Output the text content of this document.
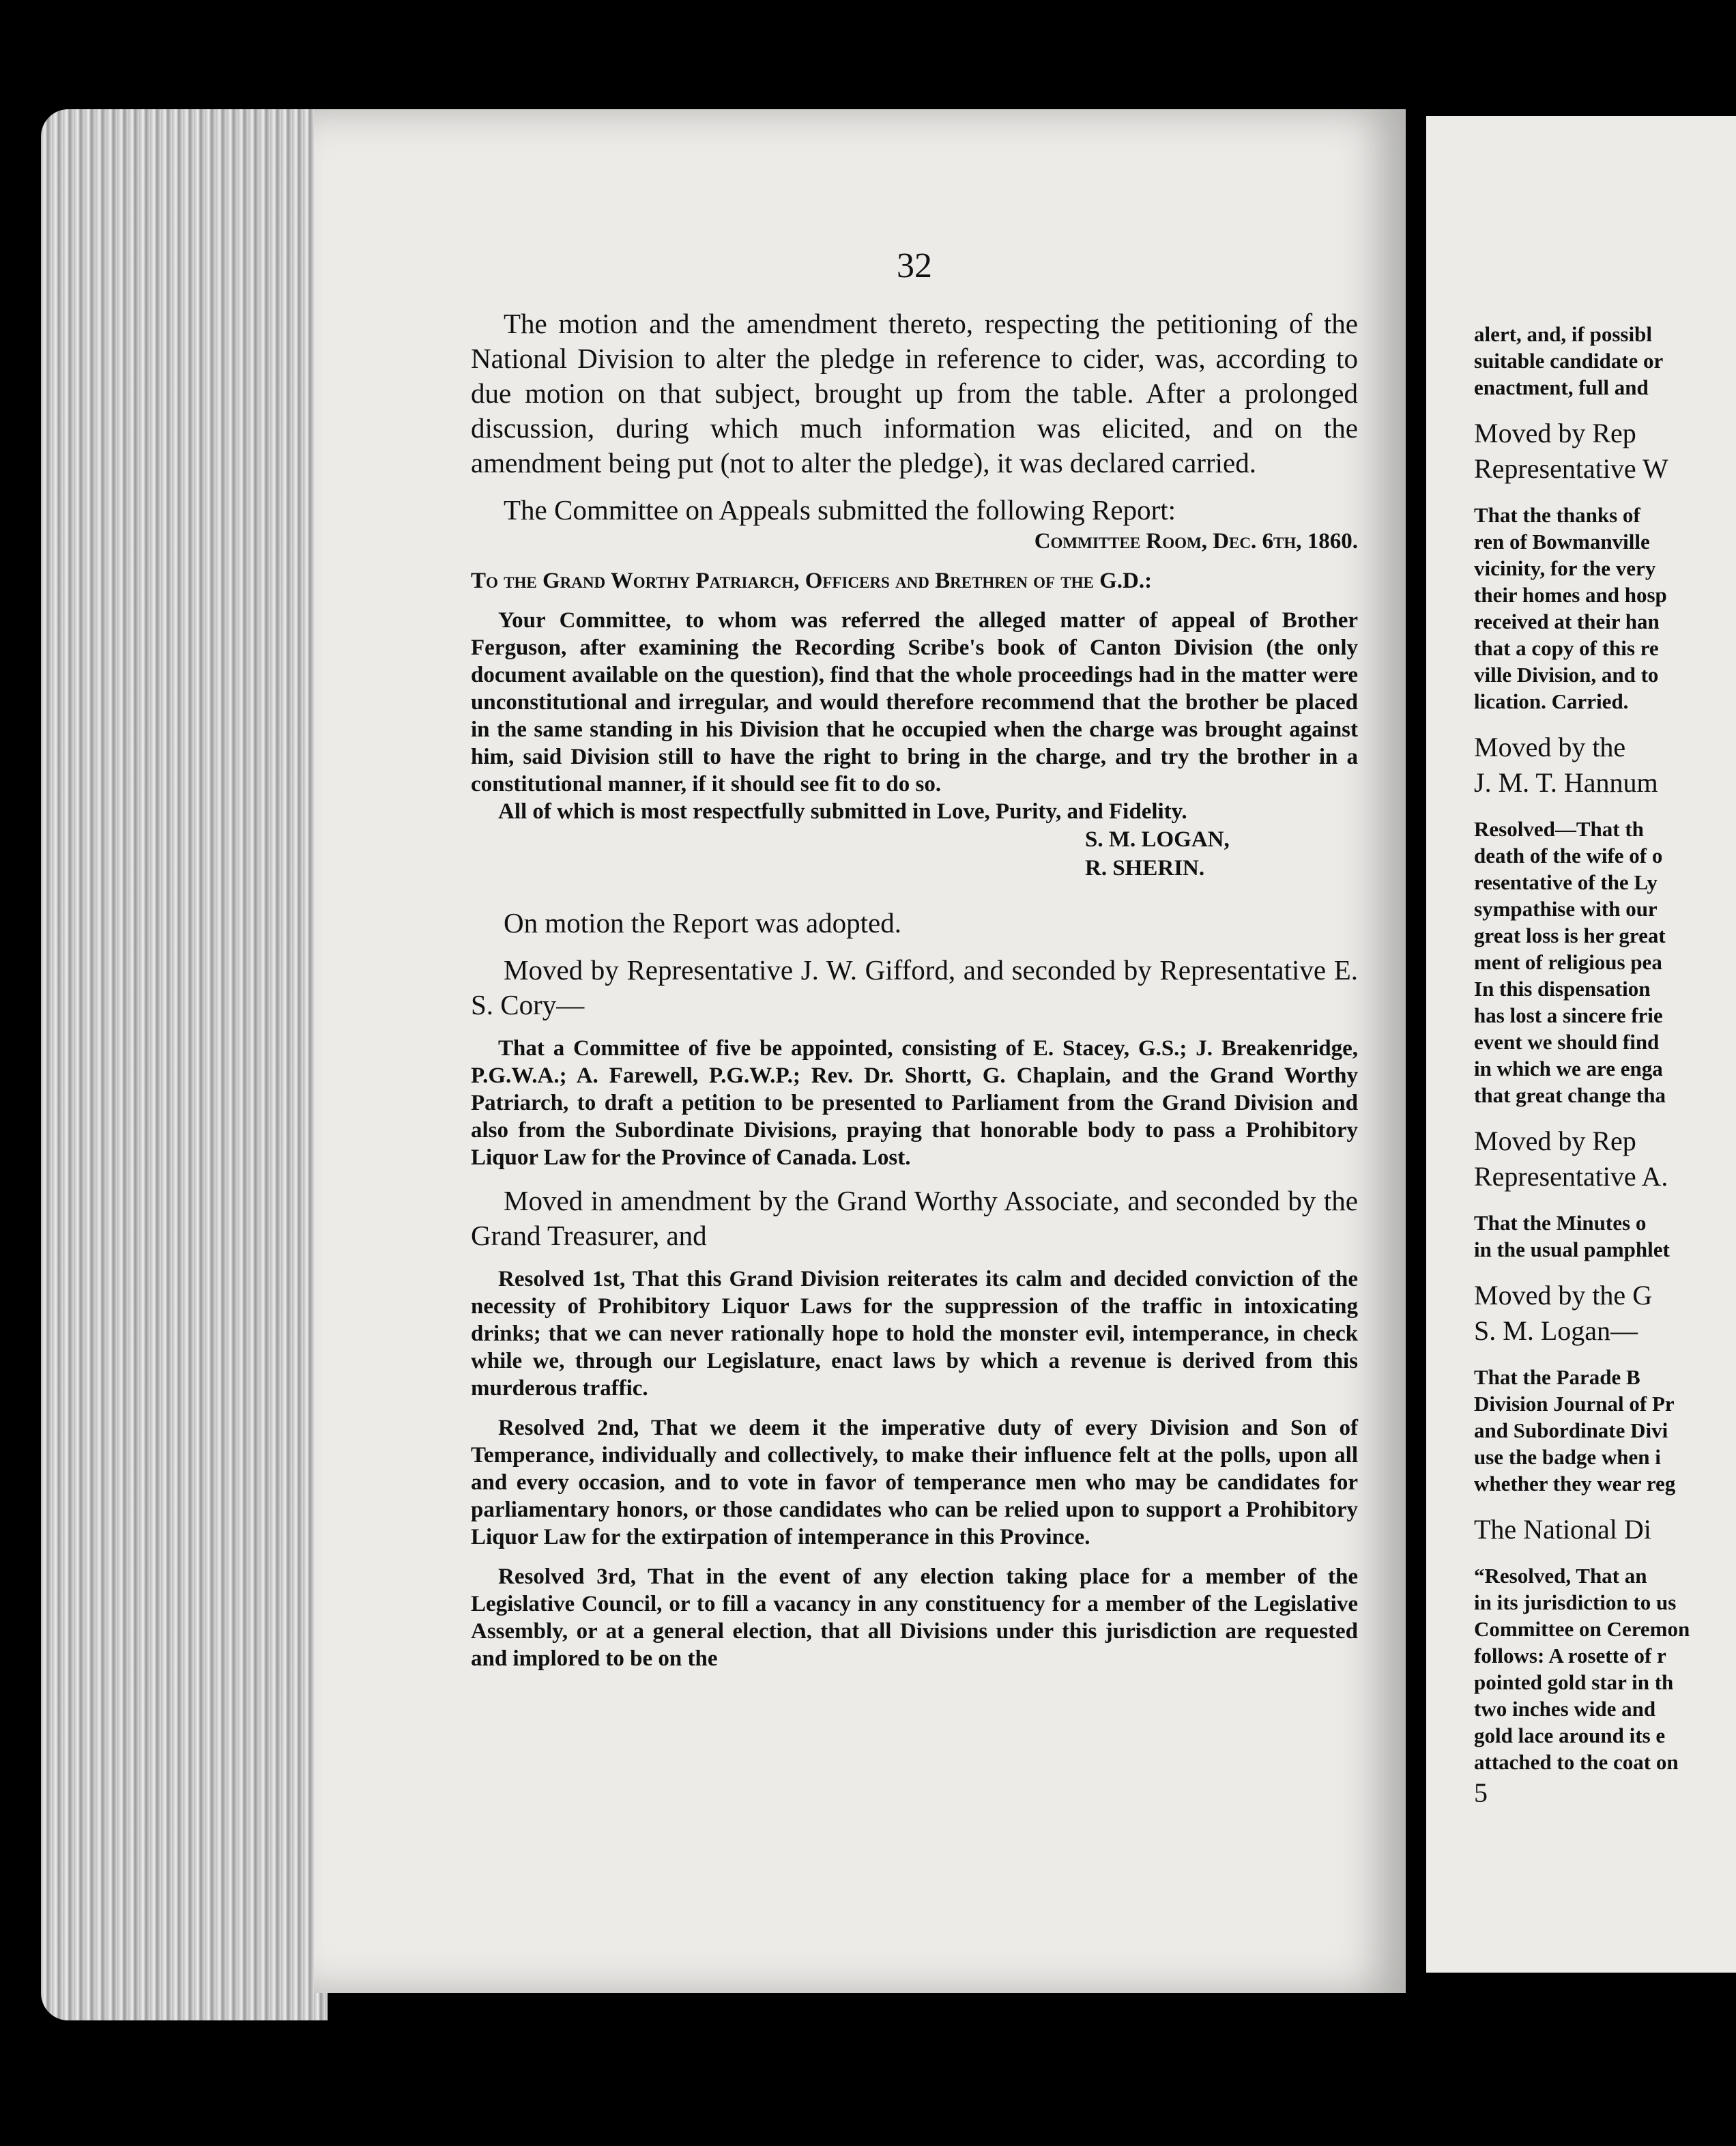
32

The motion and the amendment thereto, respecting the petitioning of the National Division to alter the pledge in reference to cider, was, according to due motion on that subject, brought up from the table. After a prolonged discussion, during which much information was elicited, and on the amendment being put (not to alter the pledge), it was declared carried.

The Committee on Appeals submitted the following Report:

Committee Room, Dec. 6th, 1860.

To the Grand Worthy Patriarch, Officers and Brethren of the G.D.:

Your Committee, to whom was referred the alleged matter of appeal of Brother Ferguson, after examining the Recording Scribe's book of Canton Division (the only document available on the question), find that the whole proceedings had in the matter were unconstitutional and irregular, and would therefore recommend that the brother be placed in the same standing in his Division that he occupied when the charge was brought against him, said Division still to have the right to bring in the charge, and try the brother in a constitutional manner, if it should see fit to do so.

All of which is most respectfully submitted in Love, Purity, and Fidelity.

S. M. LOGAN,
R. SHERIN.

On motion the Report was adopted.

Moved by Representative J. W. Gifford, and seconded by Representative E. S. Cory—

That a Committee of five be appointed, consisting of E. Stacey, G.S.; J. Breakenridge, P.G.W.A.; A. Farewell, P.G.W.P.; Rev. Dr. Shortt, G. Chaplain, and the Grand Worthy Patriarch, to draft a petition to be presented to Parliament from the Grand Division and also from the Subordinate Divisions, praying that honorable body to pass a Prohibitory Liquor Law for the Province of Canada. Lost.

Moved in amendment by the Grand Worthy Associate, and seconded by the Grand Treasurer, and

Resolved 1st, That this Grand Division reiterates its calm and decided conviction of the necessity of Prohibitory Liquor Laws for the suppression of the traffic in intoxicating drinks; that we can never rationally hope to hold the monster evil, intemperance, in check while we, through our Legislature, enact laws by which a revenue is derived from this murderous traffic.

Resolved 2nd, That we deem it the imperative duty of every Division and Son of Temperance, individually and collectively, to make their influence felt at the polls, upon all and every occasion, and to vote in favor of temperance men who may be candidates for parliamentary honors, or those candidates who can be relied upon to support a Prohibitory Liquor Law for the extirpation of intemperance in this Province.

Resolved 3rd, That in the event of any election taking place for a member of the Legislative Council, or to fill a vacancy in any constituency for a member of the Legislative Assembly, or at a general election, that all Divisions under this jurisdiction are requested and implored to be on the

alert, and, if possibl
suitable candidate or
enactment, full and
Moved by Rep
Representative W
That the thanks of
ren of Bowmanville
vicinity, for the very
their homes and hosp
received at their han
that a copy of this re
ville Division, and to
lication. Carried.
Moved by the
J. M. T. Hannum
Resolved—That th
death of the wife of o
resentative of the Ly
sympathise with our
great loss is her great
ment of religious pea
In this dispensation
has lost a sincere frie
event we should find
in which we are enga
that great change tha
Moved by Rep
Representative A.
That the Minutes o
in the usual pamphlet
Moved by the G
S. M. Logan—
That the Parade B
Division Journal of Pr
and Subordinate Divi
use the badge when i
whether they wear reg
The National Di
“Resolved, That an
in its jurisdiction to us
Committee on Ceremon
follows: A rosette of r
pointed gold star in th
two inches wide and
gold lace around its e
attached to the coat on
5
